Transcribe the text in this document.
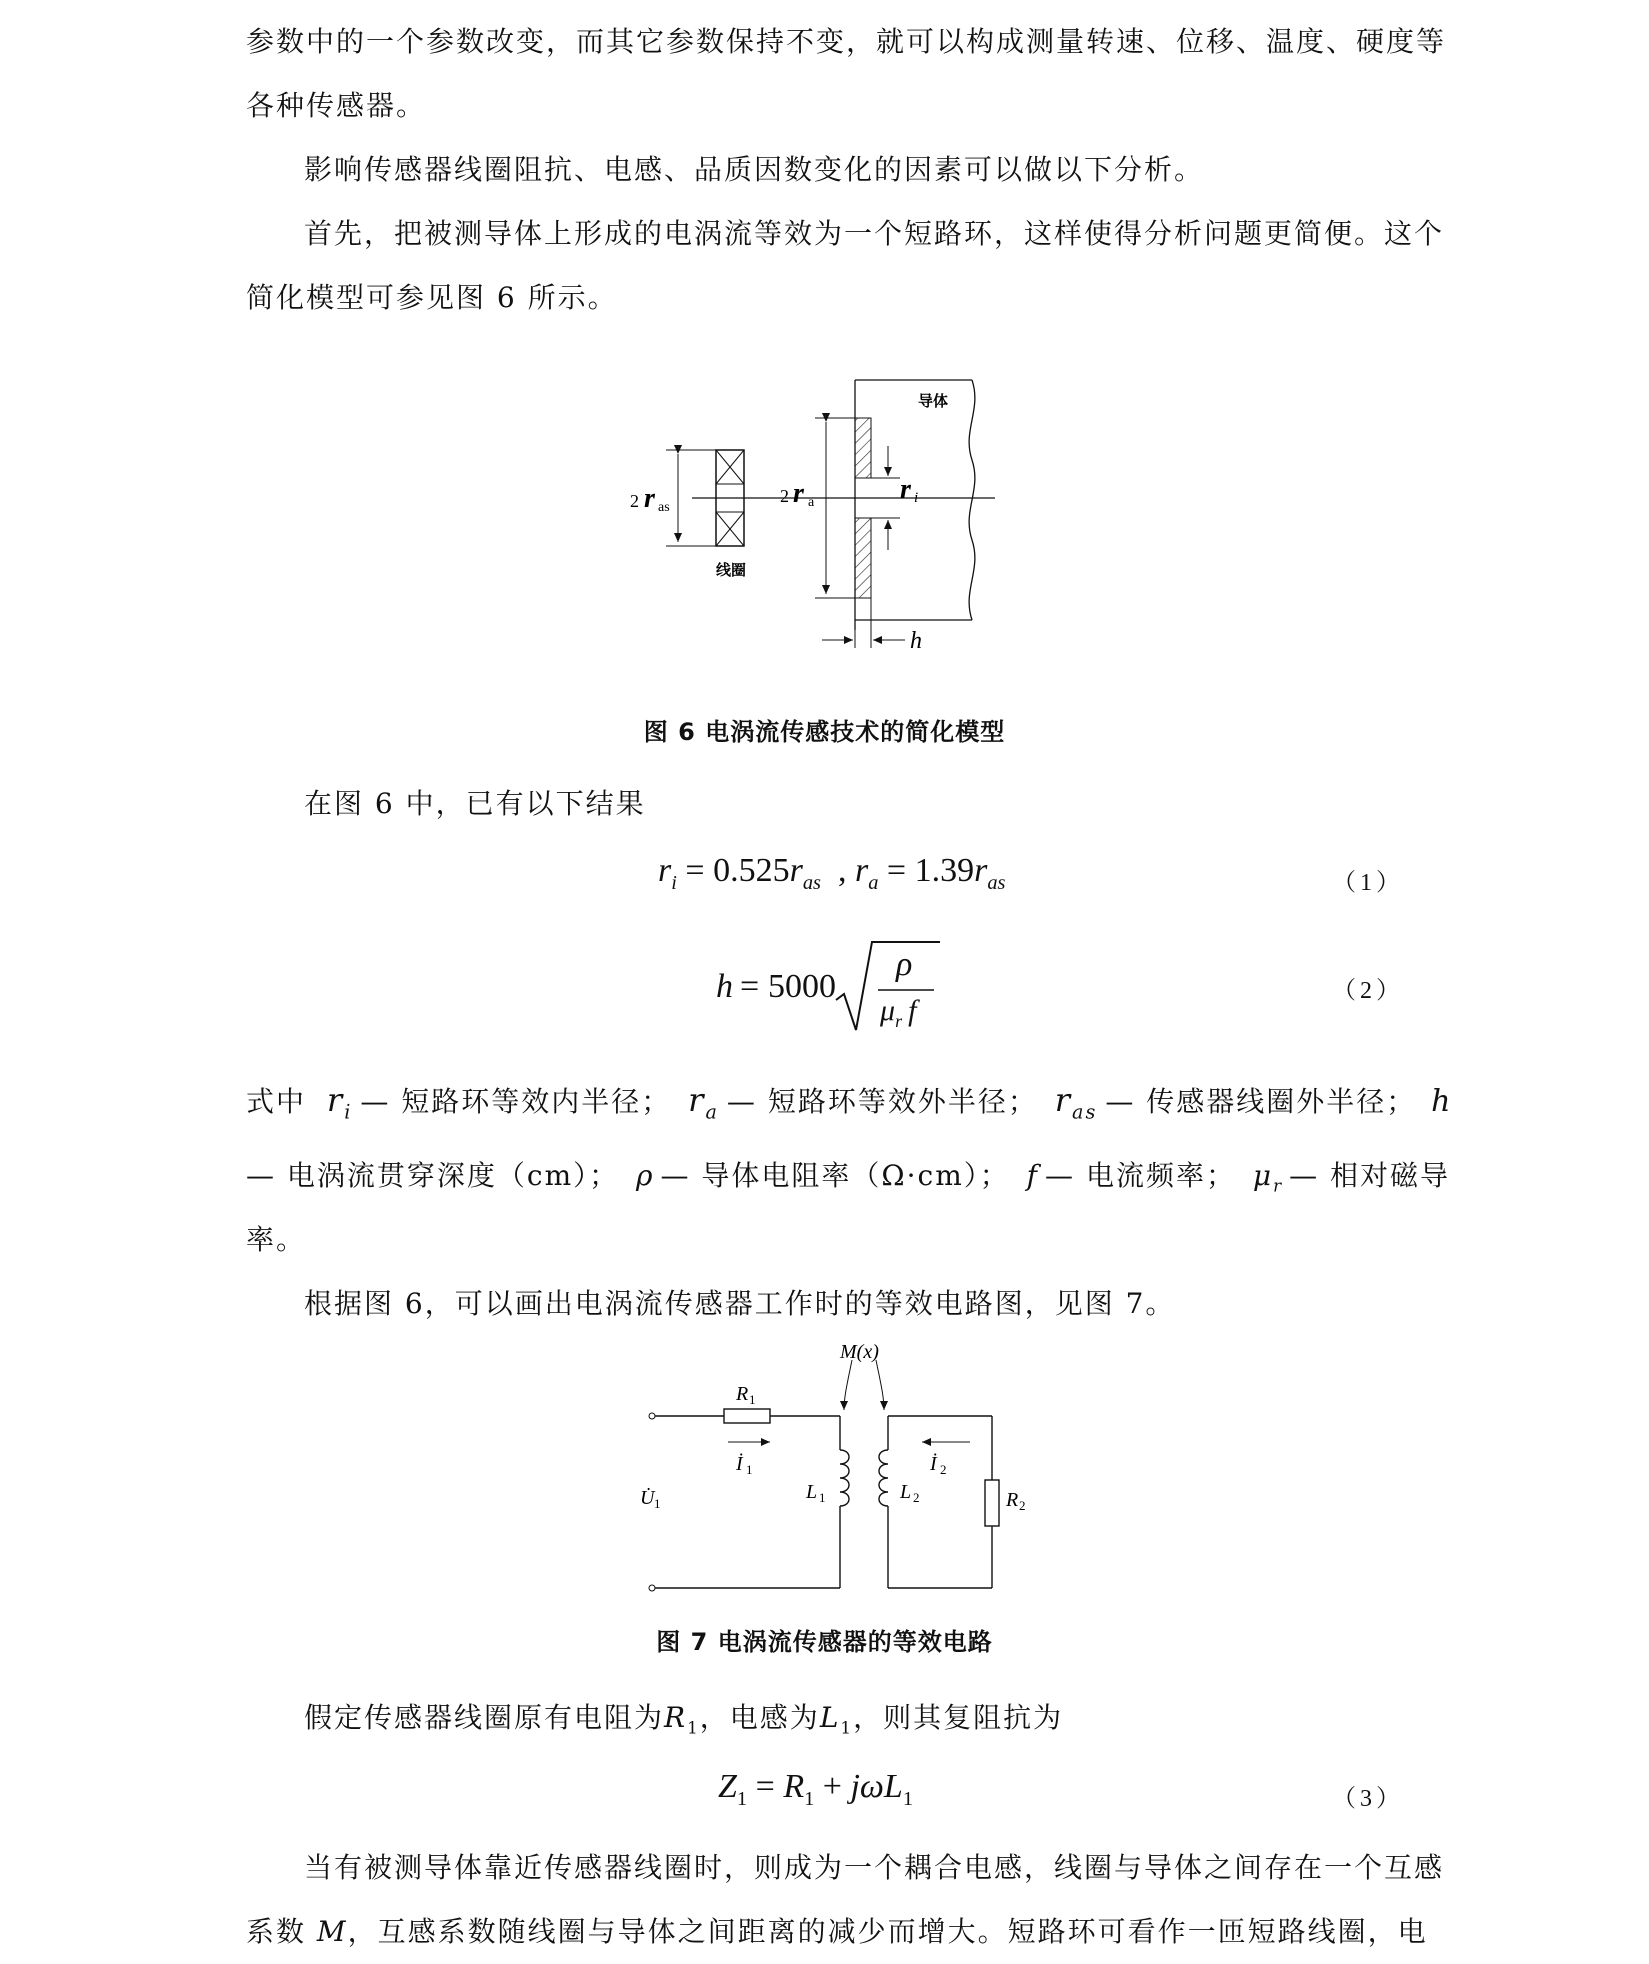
参数中的一个参数改变，而其它参数保持不变，就可以构成测量转速、位移、温度、硬度等

各种传感器。

影响传感器线圈阻抗、电感、品质因数变化的因素可以做以下分析。

首先，把被测导体上形成的电涡流等效为一个短路环，这样使得分析问题更简便。这个

简化模型可参见图 6 所示。

2 r as
线圈
导体
2 r a	r i
h
图 6 电涡流传感技术的简化模型

在图 6 中，已有以下结果

$r_i = 0.525r_{as}$  , $r_a = 1.39r_{as}$	（1）
h = 5000
ρ
$\mu_r$ f
（2）
式中 $r_i$ — 短路环等效内半径； $r_a$ — 短路环等效外半径； $r_{as}$ — 传感器线圈外半径； h
— 电涡流贯穿深度（cm）； ρ — 导体电阻率（Ω·cm）； f — 电流频率； $\mu_r$ — 相对磁导

率。

根据图 6，可以画出电涡流传感器工作时的等效电路图，见图 7。

M(x)
R 1
İ 1	İ 2
L 1	L 2	R 2
U̇ 1
图 7 电涡流传感器的等效电路
假定传感器线圈原有电阻为$R_1$，电感为$L_1$，则其复阻抗为
$Z_1 = R_1 + j\omega L_1$	（3）

当有被测导体靠近传感器线圈时，则成为一个耦合电感，线圈与导体之间存在一个互感

系数 M，互感系数随线圈与导体之间距离的减少而增大。短路环可看作一匝短路线圈，电
